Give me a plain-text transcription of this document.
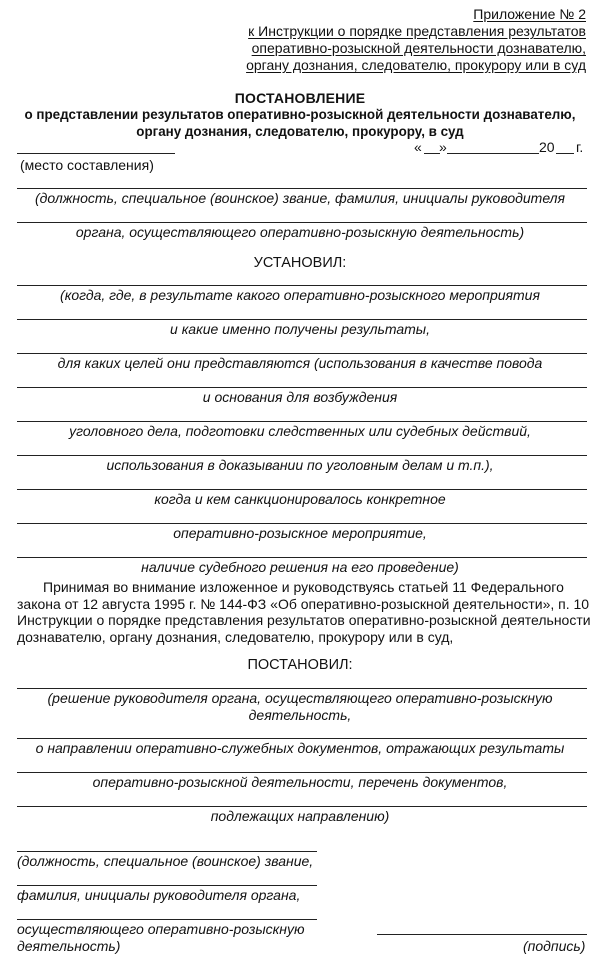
Приложение № 2
к Инструкции о порядке представления результатов
оперативно-розыскной деятельности дознавателю,
органу дознания, следователю, прокурору или в суд
ПОСТАНОВЛЕНИЕ
о представлении результатов оперативно-розыскной деятельности дознавателю,
органу дознания, следователю, прокурору, в суд
« »	20 г.
(место составления)
(должность, специальное (воинское) звание, фамилия, инициалы руководителя
органа, осуществляющего оперативно-розыскную деятельность)
УСТАНОВИЛ:
(когда, где, в результате какого оперативно-розыскного мероприятия
и какие именно получены результаты,
для каких целей они представляются (использования в качестве повода
и основания для возбуждения
уголовного дела, подготовки следственных или судебных действий,
использования в доказывании по уголовным делам и т.п.),
когда и кем санкционировалось конкретное
оперативно-розыскное мероприятие,
наличие судебного решения на его проведение)
Принимая во внимание изложенное и руководствуясь статьей 11 Федерального
закона от 12 августа 1995 г. № 144-ФЗ «Об оперативно-розыскной деятельности», п. 10
Инструкции о порядке представления результатов оперативно-розыскной деятельности
дознавателю, органу дознания, следователю, прокурору или в суд,
ПОСТАНОВИЛ:
(решение руководителя органа, осуществляющего оперативно-розыскную
деятельность,
о направлении оперативно-служебных документов, отражающих результаты
оперативно-розыскной деятельности, перечень документов,
подлежащих направлению)
(должность, специальное (воинское) звание,
фамилия, инициалы руководителя органа,
осуществляющего оперативно-розыскную
деятельность)	(подпись)
